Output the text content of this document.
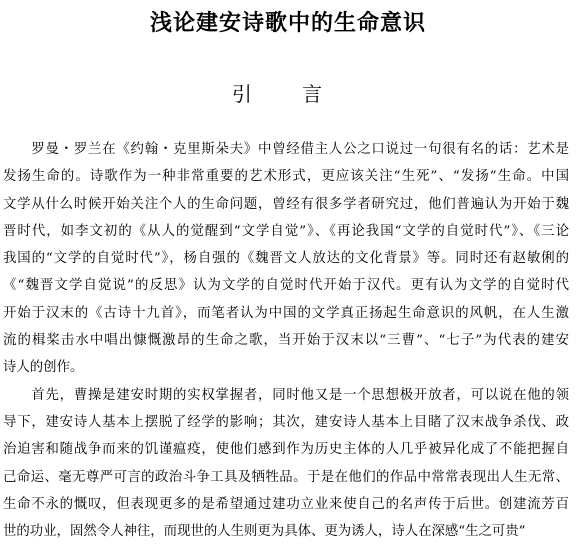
浅论建安诗歌中的生命意识
引 言
　　罗曼・罗兰在《约翰・克里斯朵夫》中曾经借主人公之口说过一句很有名的话：艺术是
发扬生命的。诗歌作为一种非常重要的艺术形式，更应该关注“生死”、“发扬”生命。中国
文学从什么时候开始关注个人的生命问题，曾经有很多学者研究过，他们普遍认为开始于魏
晋时代，如李文初的《从人的觉醒到“文学自觉”》、《再论我国“文学的自觉时代”》、《三论
我国的“文学的自觉时代”》，杨自强的《魏晋文人放达的文化背景》等。同时还有赵敏俐的
《“魏晋文学自觉说”的反思》认为文学的自觉时代开始于汉代。更有认为文学的自觉时代
开始于汉末的《古诗十九首》，而笔者认为中国的文学真正扬起生命意识的风帆，在人生激
流的楫桨击水中唱出慷慨激昂的生命之歌，当开始于汉末以“三曹”、“七子”为代表的建安
诗人的创作。
　　首先，曹操是建安时期的实权掌握者，同时他又是一个思想极开放者，可以说在他的领
导下，建安诗人基本上摆脱了经学的影响；其次，建安诗人基本上目睹了汉末战争杀伐、政
治迫害和随战争而来的饥谨瘟疫，使他们感到作为历史主体的人几乎被异化成了不能把握自
己命运、毫无尊严可言的政治斗争工具及牺牲品。于是在他们的作品中常常表现出人生无常、
生命不永的慨叹，但表现更多的是希望通过建功立业来使自己的名声传于后世。创建流芳百
世的功业，固然令人神往，而现世的人生则更为具体、更为诱人，诗人在深感“生之可贵”
